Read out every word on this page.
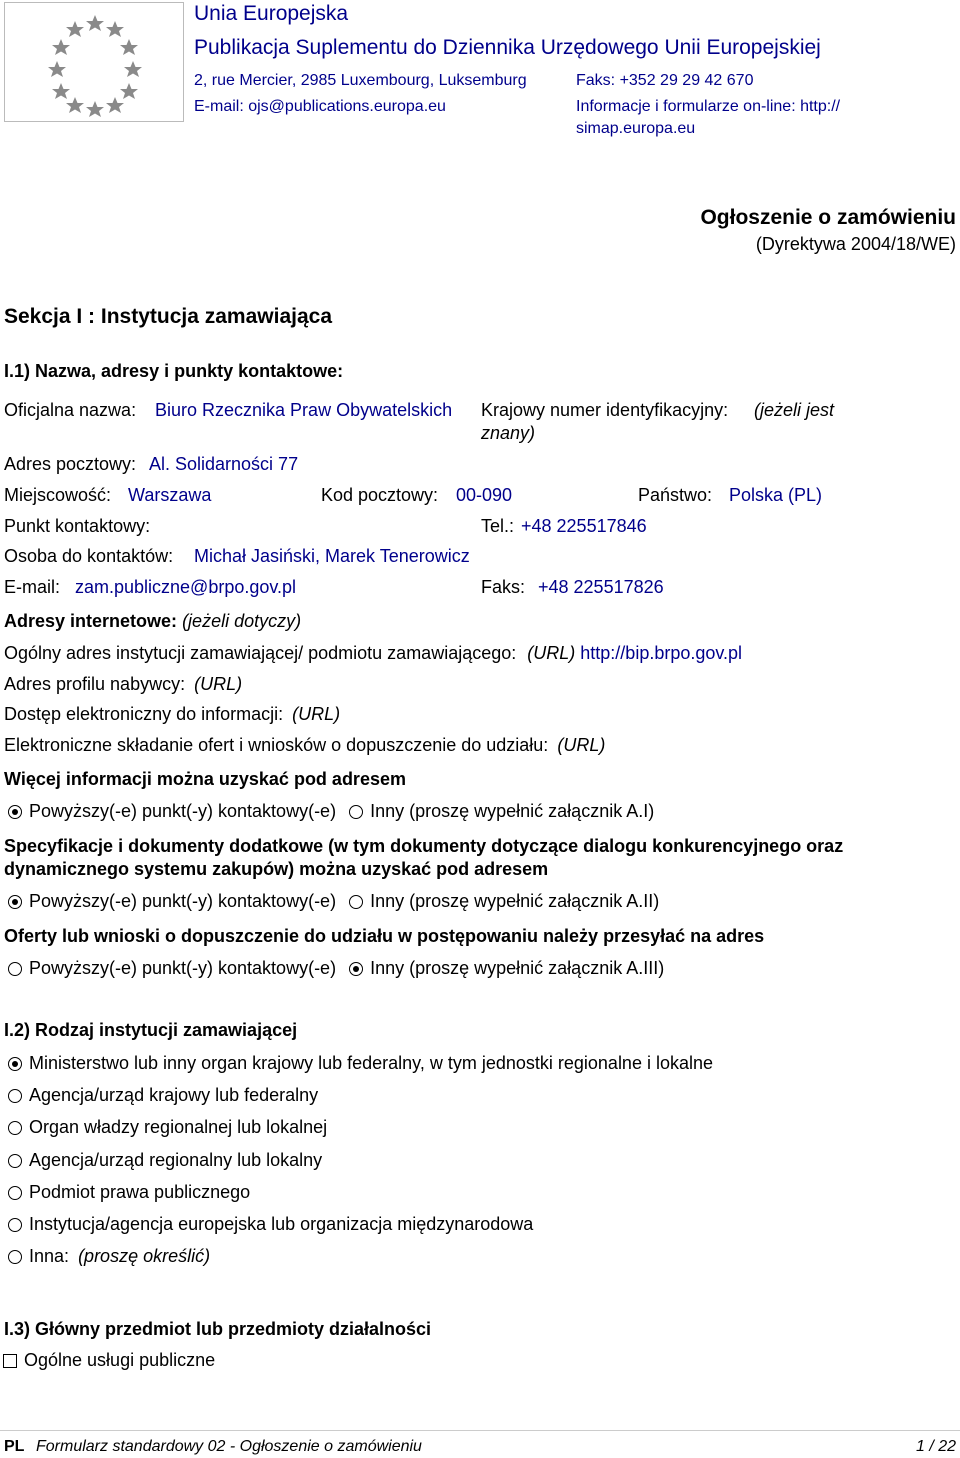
Unia Europejska
Publikacja Suplementu do Dziennika Urzędowego Unii Europejskiej
2, rue Mercier, 2985 Luxembourg, Luksemburg	Faks: +352 29 29 42 670
E-mail: ojs@publications.europa.eu	Informacje i formularze on-line: http://
simap.europa.eu
Ogłoszenie o zamówieniu
(Dyrektywa 2004/18/WE)
Sekcja I : Instytucja zamawiająca
I.1) Nazwa, adresy i punkty kontaktowe:
Oficjalna nazwa: Biuro Rzecznika Praw Obywatelskich Krajowy numer identyfikacyjny: (jeżeli jest
znany)
Adres pocztowy: Al. Solidarności 77
Miejscowość: Warszawa	Kod pocztowy: 00-090	Państwo: Polska (PL)
Punkt kontaktowy:	Tel.: +48 225517846
Osoba do kontaktów: Michał Jasiński, Marek Tenerowicz
E-mail: zam.publiczne@brpo.gov.pl	Faks: +48 225517826
Adresy internetowe: (jeżeli dotyczy)
Ogólny adres instytucji zamawiającej/ podmiotu zamawiającego: (URL) http://bip.brpo.gov.pl
Adres profilu nabywcy: (URL)
Dostęp elektroniczny do informacji: (URL)
Elektroniczne składanie ofert i wniosków o dopuszczenie do udziału: (URL)
Więcej informacji można uzyskać pod adresem
Powyższy(-e) punkt(-y) kontaktowy(-e) Inny (proszę wypełnić załącznik A.I)
Specyfikacje i dokumenty dodatkowe (w tym dokumenty dotyczące dialogu konkurencyjnego oraz
dynamicznego systemu zakupów) można uzyskać pod adresem
Powyższy(-e) punkt(-y) kontaktowy(-e) Inny (proszę wypełnić załącznik A.II)
Oferty lub wnioski o dopuszczenie do udziału w postępowaniu należy przesyłać na adres
Powyższy(-e) punkt(-y) kontaktowy(-e) Inny (proszę wypełnić załącznik A.III)
I.2) Rodzaj instytucji zamawiającej
Ministerstwo lub inny organ krajowy lub federalny, w tym jednostki regionalne i lokalne
Agencja/urząd krajowy lub federalny
Organ władzy regionalnej lub lokalnej
Agencja/urząd regionalny lub lokalny
Podmiot prawa publicznego
Instytucja/agencja europejska lub organizacja międzynarodowa
Inna: (proszę określić)
I.3) Główny przedmiot lub przedmioty działalności
Ogólne usługi publiczne
PL Formularz standardowy 02 - Ogłoszenie o zamówieniu	1 / 22
